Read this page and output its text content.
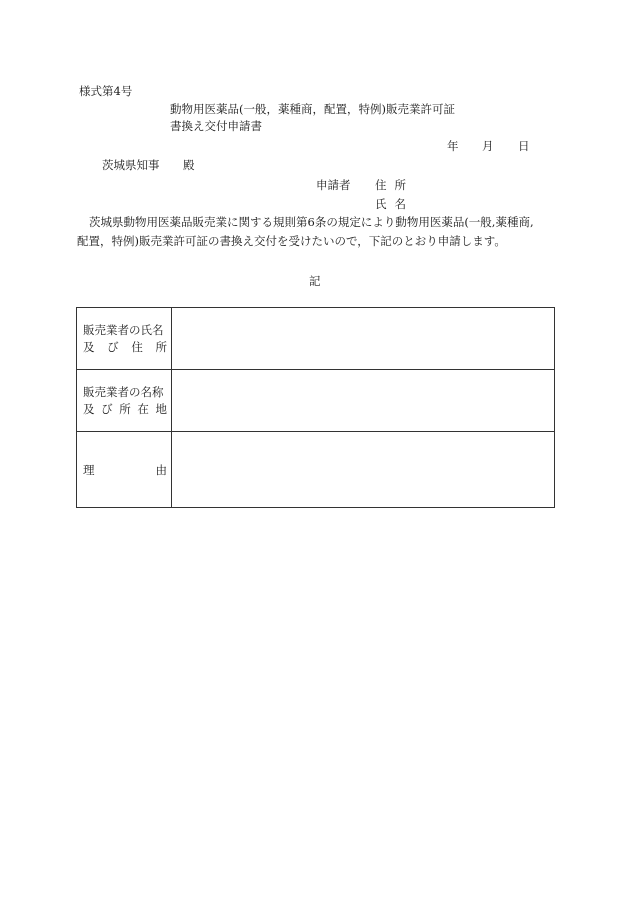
様式第4号
動物用医薬品(一般，薬種商，配置，特例)販売業許可証
書換え交付申請書
年 月 日
茨城県知事 殿
申請者 住所
氏名
茨城県動物用医薬品販売業に関する規則第6条の規定により動物用医薬品(一般,薬種商,
配置，特例)販売業許可証の書換え交付を受けたいので，下記のとおり申請します。
記
販売業者の氏名
及 び 住 所
販売業者の名称
及 び 所 在 地
理	由
